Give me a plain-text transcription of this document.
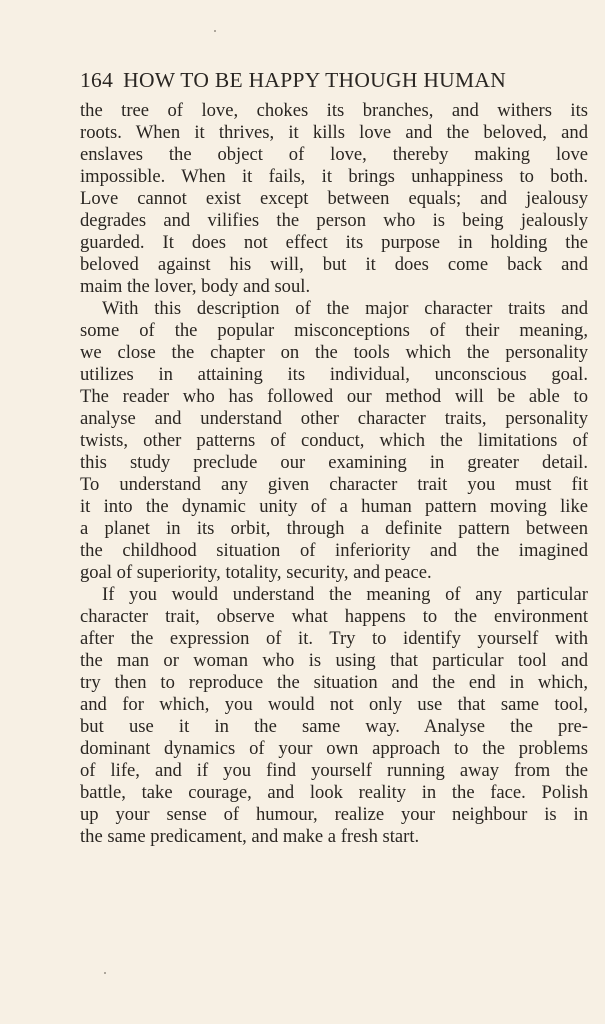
164 HOW TO BE HAPPY THOUGH HUMAN
the tree of love, chokes its branches, and withers its
roots. When it thrives, it kills love and the beloved, and
enslaves the object of love, thereby making love
impossible. When it fails, it brings unhappiness to both.
Love cannot exist except between equals; and jealousy
degrades and vilifies the person who is being jealously
guarded. It does not effect its purpose in holding the
beloved against his will, but it does come back and
maim the lover, body and soul.
With this description of the major character traits and
some of the popular misconceptions of their meaning,
we close the chapter on the tools which the personality
utilizes in attaining its individual, unconscious goal.
The reader who has followed our method will be able to
analyse and understand other character traits, personality
twists, other patterns of conduct, which the limitations of
this study preclude our examining in greater detail.
To understand any given character trait you must fit
it into the dynamic unity of a human pattern moving like
a planet in its orbit, through a definite pattern between
the childhood situation of inferiority and the imagined
goal of superiority, totality, security, and peace.
If you would understand the meaning of any particular
character trait, observe what happens to the environment
after the expression of it. Try to identify yourself with
the man or woman who is using that particular tool and
try then to reproduce the situation and the end in which,
and for which, you would not only use that same tool,
but use it in the same way. Analyse the pre-
dominant dynamics of your own approach to the problems
of life, and if you find yourself running away from the
battle, take courage, and look reality in the face. Polish
up your sense of humour, realize your neighbour is in
the same predicament, and make a fresh start.
